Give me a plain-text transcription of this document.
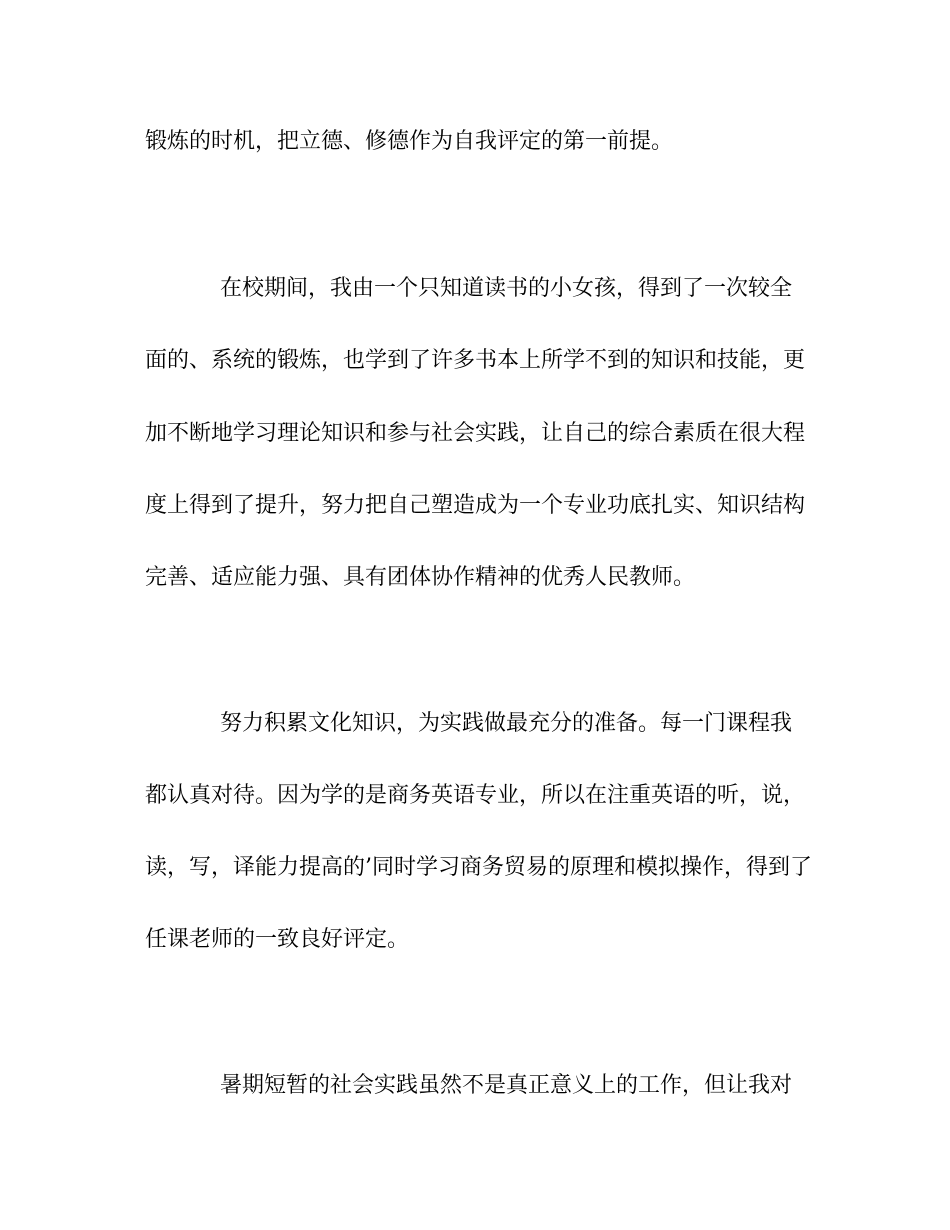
锻炼的时机，把立德、修德作为自我评定的第一前提。
在校期间，我由一个只知道读书的小女孩，得到了一次较全
面的、系统的锻炼，也学到了许多书本上所学不到的知识和技能，更
加不断地学习理论知识和参与社会实践，让自己的综合素质在很大程
度上得到了提升，努力把自己塑造成为一个专业功底扎实、知识结构
完善、适应能力强、具有团体协作精神的优秀人民教师。
努力积累文化知识，为实践做最充分的准备。每一门课程我
都认真对待。因为学的是商务英语专业，所以在注重英语的听，说，
读，写，译能力提高的’同时学习商务贸易的原理和模拟操作，得到了
任课老师的一致良好评定。
暑期短暂的社会实践虽然不是真正意义上的工作，但让我对
